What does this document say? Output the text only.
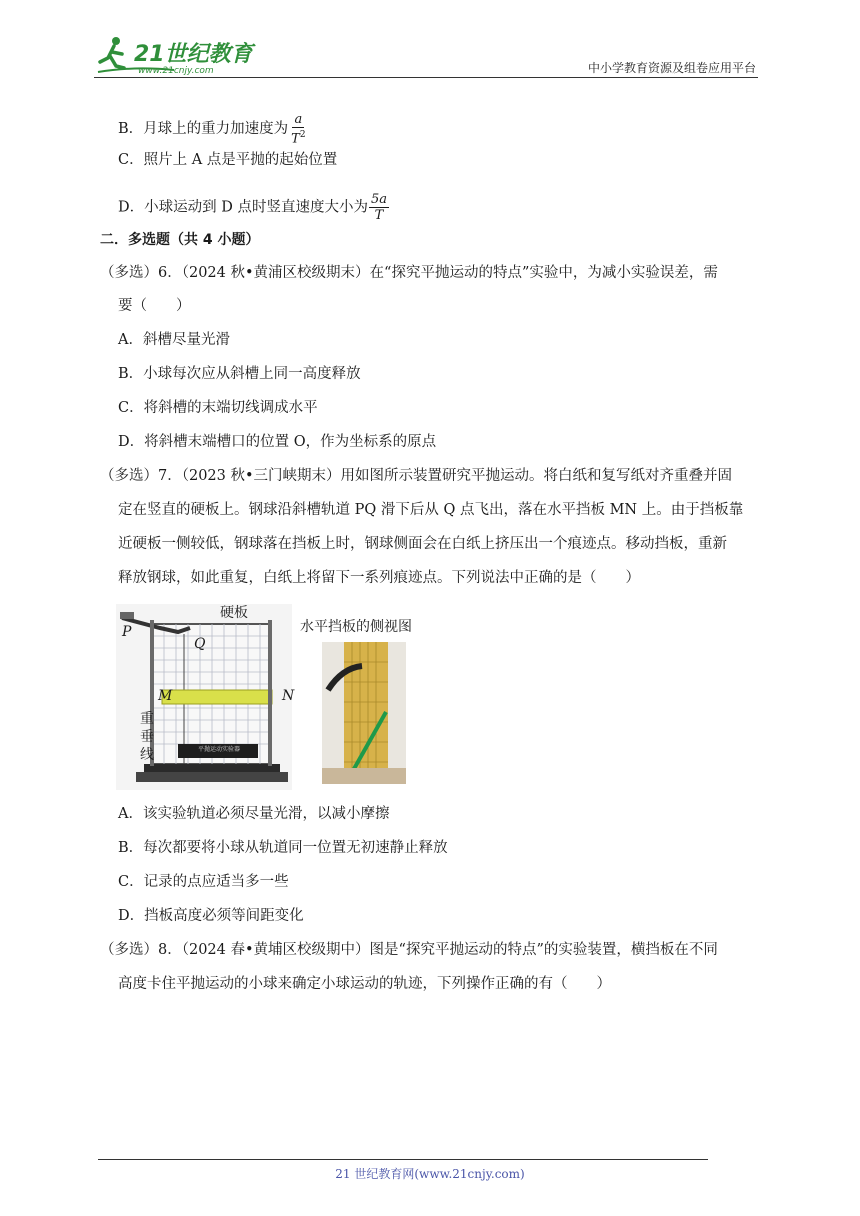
21世纪教育
www.21cnjy.com	中小学教育资源及组卷应用平台
B．月球上的重力加速度为 $\frac{a}{T^2}$
C．照片上 A 点是平抛的起始位置
D．小球运动到 D 点时竖直速度大小为 $\frac{5a}{T}$
二．多选题（共 4 小题）
（多选）6．（2024 秋•黄浦区校级期末）在“探究平抛运动的特点”实验中，为减小实验误差，需
要（　　）
A．斜槽尽量光滑
B．小球每次应从斜槽上同一高度释放
C．将斜槽的末端切线调成水平
D．将斜槽末端槽口的位置 O，作为坐标系的原点
（多选）7．（2023 秋•三门峡期末）用如图所示装置研究平抛运动。将白纸和复写纸对齐重叠并固
定在竖直的硬板上。钢球沿斜槽轨道 PQ 滑下后从 Q 点飞出，落在水平挡板 MN 上。由于挡板靠
近硬板一侧较低，钢球落在挡板上时，钢球侧面会在白纸上挤压出一个痕迹点。移动挡板，重新
释放钢球，如此重复，白纸上将留下一系列痕迹点。下列说法中正确的是（　　）
硬板
P
Q
M	N
重
垂
线	平抛运动实验器
水平挡板的侧视图
A．该实验轨道必须尽量光滑，以减小摩擦
B．每次都要将小球从轨道同一位置无初速静止释放
C．记录的点应适当多一些
D．挡板高度必须等间距变化
（多选）8．（2024 春•黄埔区校级期中）图是“探究平抛运动的特点”的实验装置，横挡板在不同
高度卡住平抛运动的小球来确定小球运动的轨迹，下列操作正确的有（　　）
21 世纪教育网(www.21cnjy.com)
